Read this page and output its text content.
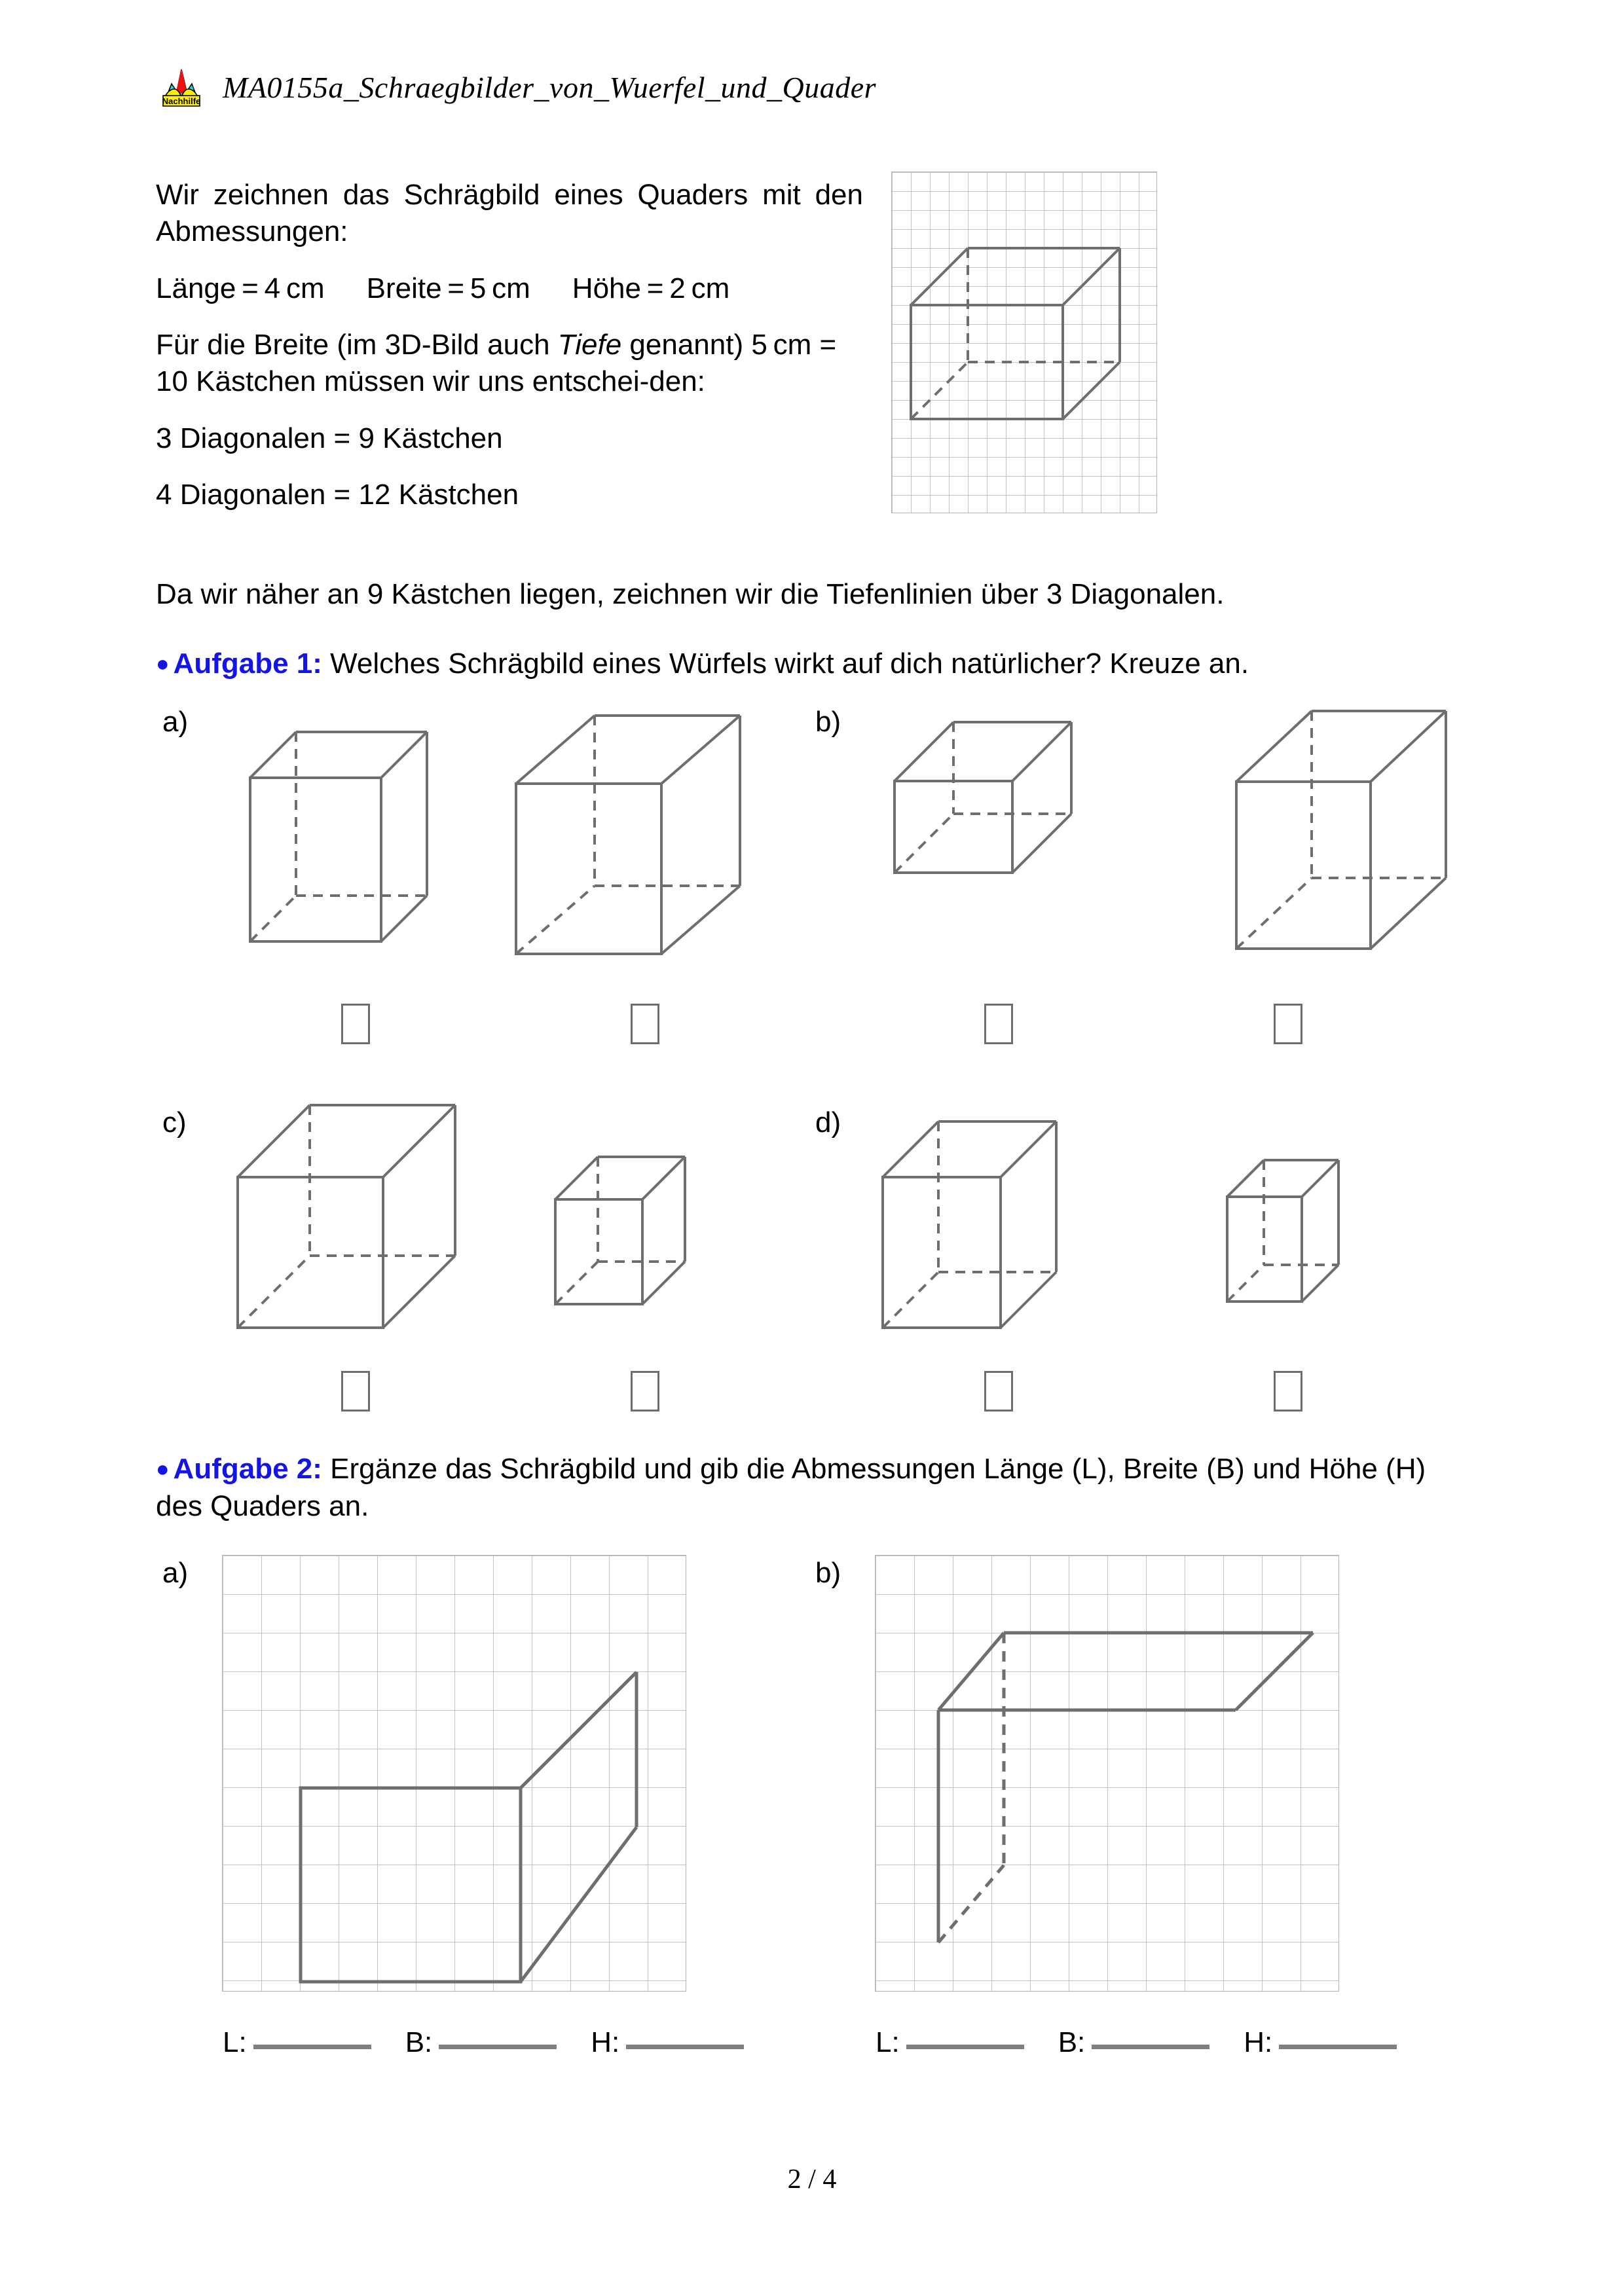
Nachhilfe MA0155a_Schraegbilder_von_Wuerfel_und_Quader

Wir zeichnen das Schrägbild eines Quaders mit den Abmessungen:

Länge = 4 cm Breite = 5 cm Höhe = 2 cm

Für die Breite (im 3D-Bild auch Tiefe genannt) 5 cm = 10 Kästchen müssen wir uns entschei-den:

3 Diagonalen = 9 Kästchen

4 Diagonalen = 12 Kästchen

Da wir näher an 9 Kästchen liegen, zeichnen wir die Tiefenlinien über 3 Diagonalen.
● Aufgabe 1: Welches Schrägbild eines Würfels wirkt auf dich natürlicher? Kreuze an.
a)	b)
c)	d)
● Aufgabe 2: Ergänze das Schrägbild und gib die Abmessungen Länge (L), Breite (B) und Höhe (H) des Quaders an.
a)
L:	B:	H:
b)
L:	B:	H:
2 / 4
